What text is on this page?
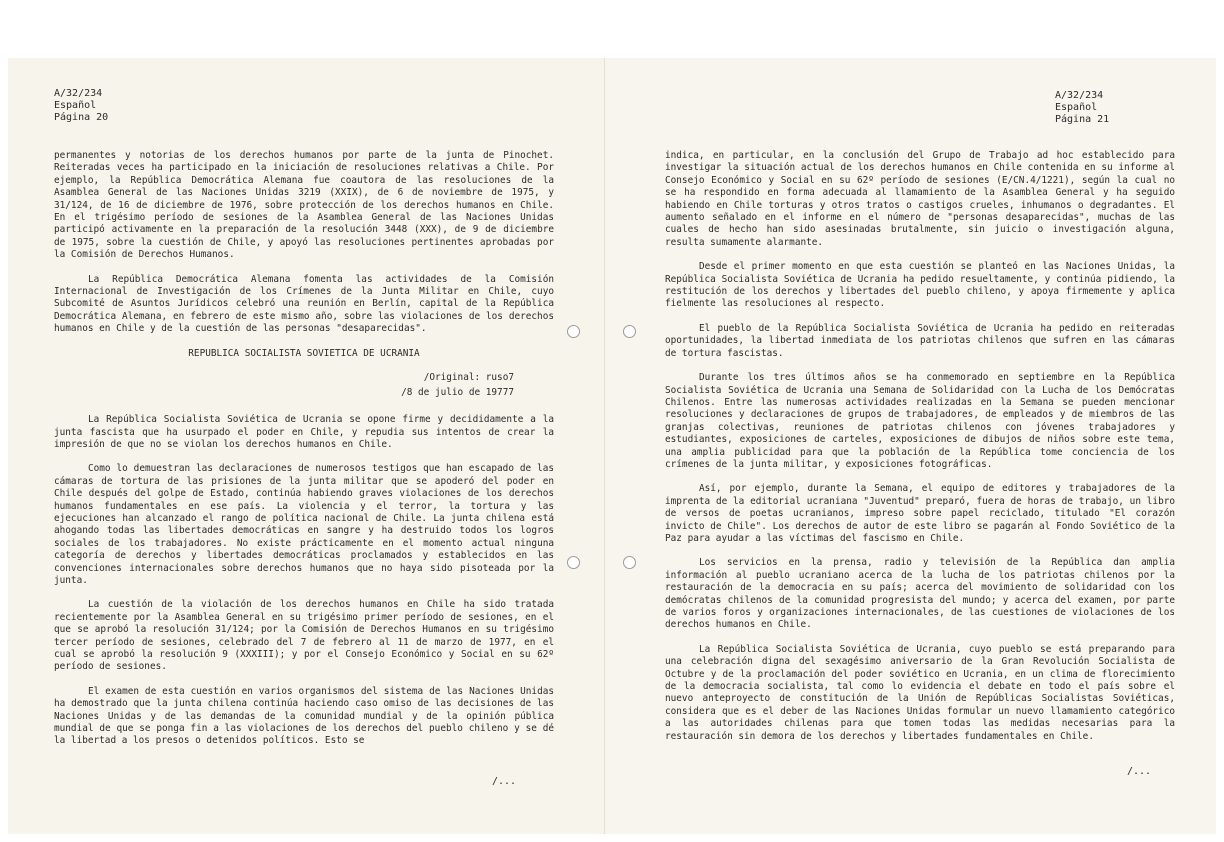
A/32/234
Español
Página 20

permanentes y notorias de los derechos humanos por parte de la junta de Pinochet. Reiteradas veces ha participado en la iniciación de resoluciones relativas a Chile. Por ejemplo, la República Democrática Alemana fue coautora de las resoluciones de la Asamblea General de las Naciones Unidas 3219 (XXIX), de 6 de noviembre de 1975, y 31/124, de 16 de diciembre de 1976, sobre protección de los derechos humanos en Chile. En el trigésimo período de sesiones de la Asamblea General de las Naciones Unidas participó activamente en la preparación de la resolución 3448 (XXX), de 9 de diciembre de 1975, sobre la cuestión de Chile, y apoyó las resoluciones pertinentes aprobadas por la Comisión de Derechos Humanos.

La República Democrática Alemana fomenta las actividades de la Comisión Internacional de Investigación de los Crímenes de la Junta Militar en Chile, cuyo Subcomité de Asuntos Jurídicos celebró una reunión en Berlín, capital de la República Democrática Alemana, en febrero de este mismo año, sobre las violaciones de los derechos humanos en Chile y de la cuestión de las personas "desaparecidas".

REPUBLICA SOCIALISTA SOVIETICA DE UCRANIA
/Original: ruso7
/8 de julio de 19777

La República Socialista Soviética de Ucrania se opone firme y decididamente a la junta fascista que ha usurpado el poder en Chile, y repudia sus intentos de crear la impresión de que no se violan los derechos humanos en Chile.

Como lo demuestran las declaraciones de numerosos testigos que han escapado de las cámaras de tortura de las prisiones de la junta militar que se apoderó del poder en Chile después del golpe de Estado, continúa habiendo graves violaciones de los derechos humanos fundamentales en ese país. La violencia y el terror, la tortura y las ejecuciones han alcanzado el rango de política nacional de Chile. La junta chilena está ahogando todas las libertades democráticas en sangre y ha destruido todos los logros sociales de los trabajadores. No existe prácticamente en el momento actual ninguna categoría de derechos y libertades democráticas proclamados y establecidos en las convenciones internacionales sobre derechos humanos que no haya sido pisoteada por la junta.

La cuestión de la violación de los derechos humanos en Chile ha sido tratada recientemente por la Asamblea General en su trigésimo primer período de sesiones, en el que se aprobó la resolución 31/124; por la Comisión de Derechos Humanos en su trigésimo tercer período de sesiones, celebrado del 7 de febrero al 11 de marzo de 1977, en el cual se aprobó la resolución 9 (XXXIII); y por el Consejo Económico y Social en su 62º período de sesiones.

El examen de esta cuestión en varios organismos del sistema de las Naciones Unidas ha demostrado que la junta chilena continúa haciendo caso omiso de las decisiones de las Naciones Unidas y de las demandas de la comunidad mundial y de la opinión pública mundial de que se ponga fin a las violaciones de los derechos del pueblo chileno y se dé la libertad a los presos o detenidos políticos. Esto se

/...
A/32/234
Español
Página 21

indica, en particular, en la conclusión del Grupo de Trabajo ad hoc establecido para investigar la situación actual de los derechos humanos en Chile contenida en su informe al Consejo Económico y Social en su 62º período de sesiones (E/CN.4/1221), según la cual no se ha respondido en forma adecuada al llamamiento de la Asamblea General y ha seguido habiendo en Chile torturas y otros tratos o castigos crueles, inhumanos o degradantes. El aumento señalado en el informe en el número de "personas desaparecidas", muchas de las cuales de hecho han sido asesinadas brutalmente, sin juicio o investigación alguna, resulta sumamente alarmante.

Desde el primer momento en que esta cuestión se planteó en las Naciones Unidas, la República Socialista Soviética de Ucrania ha pedido resueltamente, y continúa pidiendo, la restitución de los derechos y libertades del pueblo chileno, y apoya firmemente y aplica fielmente las resoluciones al respecto.

El pueblo de la República Socialista Soviética de Ucrania ha pedido en reiteradas oportunidades, la libertad inmediata de los patriotas chilenos que sufren en las cámaras de tortura fascistas.

Durante los tres últimos años se ha conmemorado en septiembre en la República Socialista Soviética de Ucrania una Semana de Solidaridad con la Lucha de los Demócratas Chilenos. Entre las numerosas actividades realizadas en la Semana se pueden mencionar resoluciones y declaraciones de grupos de trabajadores, de empleados y de miembros de las granjas colectivas, reuniones de patriotas chilenos con jóvenes trabajadores y estudiantes, exposiciones de carteles, exposiciones de dibujos de niños sobre este tema, una amplia publicidad para que la población de la República tome conciencia de los crímenes de la junta militar, y exposiciones fotográficas.

Así, por ejemplo, durante la Semana, el equipo de editores y trabajadores de la imprenta de la editorial ucraniana "Juventud" preparó, fuera de horas de trabajo, un libro de versos de poetas ucranianos, impreso sobre papel reciclado, titulado "El corazón invicto de Chile". Los derechos de autor de este libro se pagarán al Fondo Soviético de la Paz para ayudar a las víctimas del fascismo en Chile.

Los servicios en la prensa, radio y televisión de la República dan amplia información al pueblo ucraniano acerca de la lucha de los patriotas chilenos por la restauración de la democracia en su país; acerca del movimiento de solidaridad con los demócratas chilenos de la comunidad progresista del mundo; y acerca del examen, por parte de varios foros y organizaciones internacionales, de las cuestiones de violaciones de los derechos humanos en Chile.

La República Socialista Soviética de Ucrania, cuyo pueblo se está preparando para una celebración digna del sexagésimo aniversario de la Gran Revolución Socialista de Octubre y de la proclamación del poder soviético en Ucrania, en un clima de florecimiento de la democracia socialista, tal como lo evidencia el debate en todo el país sobre el nuevo anteproyecto de constitución de la Unión de Repúblicas Socialistas Soviéticas, considera que es el deber de las Naciones Unidas formular un nuevo llamamiento categórico a las autoridades chilenas para que tomen todas las medidas necesarias para la restauración sin demora de los derechos y libertades fundamentales en Chile.

/...
